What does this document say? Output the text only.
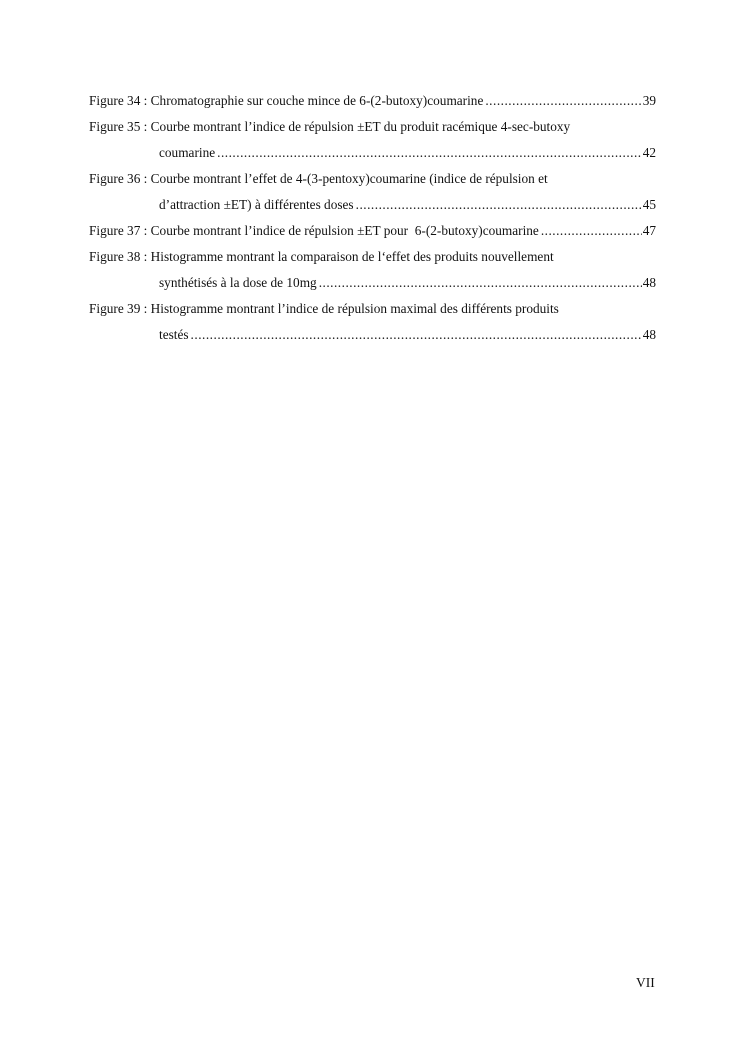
Figure 34 : Chromatographie sur couche mince de 6-(2-butoxy)coumarine .....	39
Figure 35 : Courbe montrant l’indice de répulsion ±ET du produit racémique 4-sec-butoxy
coumarine .....	42
Figure 36 : Courbe montrant l’effet de 4-(3-pentoxy)coumarine (indice de répulsion et
d’attraction ±ET) à différentes doses .....	45
Figure 37 : Courbe montrant l’indice de répulsion ±ET pour  6-(2-butoxy)coumarine .....	47
Figure 38 : Histogramme montrant la comparaison de l‘effet des produits nouvellement
synthétisés à la dose de 10mg .....	48
Figure 39 : Histogramme montrant l’indice de répulsion maximal des différents produits
testés .....	48
VII
